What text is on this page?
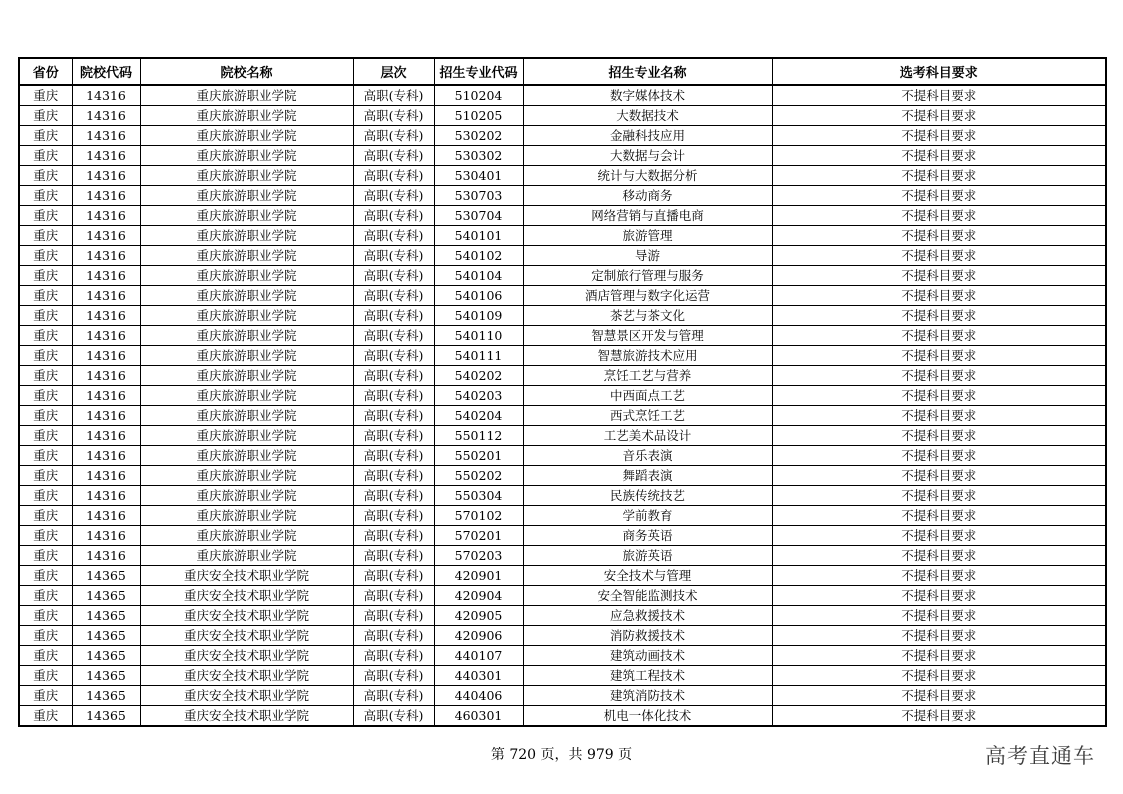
省份	院校代码	院校名称	层次	招生专业代码	招生专业名称	选考科目要求
重庆	14316	重庆旅游职业学院	高职(专科)	510204	数字媒体技术	不提科目要求
重庆	14316	重庆旅游职业学院	高职(专科)	510205	大数据技术	不提科目要求
重庆	14316	重庆旅游职业学院	高职(专科)	530202	金融科技应用	不提科目要求
重庆	14316	重庆旅游职业学院	高职(专科)	530302	大数据与会计	不提科目要求
重庆	14316	重庆旅游职业学院	高职(专科)	530401	统计与大数据分析	不提科目要求
重庆	14316	重庆旅游职业学院	高职(专科)	530703	移动商务	不提科目要求
重庆	14316	重庆旅游职业学院	高职(专科)	530704	网络营销与直播电商	不提科目要求
重庆	14316	重庆旅游职业学院	高职(专科)	540101	旅游管理	不提科目要求
重庆	14316	重庆旅游职业学院	高职(专科)	540102	导游	不提科目要求
重庆	14316	重庆旅游职业学院	高职(专科)	540104	定制旅行管理与服务	不提科目要求
重庆	14316	重庆旅游职业学院	高职(专科)	540106	酒店管理与数字化运营	不提科目要求
重庆	14316	重庆旅游职业学院	高职(专科)	540109	茶艺与茶文化	不提科目要求
重庆	14316	重庆旅游职业学院	高职(专科)	540110	智慧景区开发与管理	不提科目要求
重庆	14316	重庆旅游职业学院	高职(专科)	540111	智慧旅游技术应用	不提科目要求
重庆	14316	重庆旅游职业学院	高职(专科)	540202	烹饪工艺与营养	不提科目要求
重庆	14316	重庆旅游职业学院	高职(专科)	540203	中西面点工艺	不提科目要求
重庆	14316	重庆旅游职业学院	高职(专科)	540204	西式烹饪工艺	不提科目要求
重庆	14316	重庆旅游职业学院	高职(专科)	550112	工艺美术品设计	不提科目要求
重庆	14316	重庆旅游职业学院	高职(专科)	550201	音乐表演	不提科目要求
重庆	14316	重庆旅游职业学院	高职(专科)	550202	舞蹈表演	不提科目要求
重庆	14316	重庆旅游职业学院	高职(专科)	550304	民族传统技艺	不提科目要求
重庆	14316	重庆旅游职业学院	高职(专科)	570102	学前教育	不提科目要求
重庆	14316	重庆旅游职业学院	高职(专科)	570201	商务英语	不提科目要求
重庆	14316	重庆旅游职业学院	高职(专科)	570203	旅游英语	不提科目要求
重庆	14365	重庆安全技术职业学院	高职(专科)	420901	安全技术与管理	不提科目要求
重庆	14365	重庆安全技术职业学院	高职(专科)	420904	安全智能监测技术	不提科目要求
重庆	14365	重庆安全技术职业学院	高职(专科)	420905	应急救援技术	不提科目要求
重庆	14365	重庆安全技术职业学院	高职(专科)	420906	消防救援技术	不提科目要求
重庆	14365	重庆安全技术职业学院	高职(专科)	440107	建筑动画技术	不提科目要求
重庆	14365	重庆安全技术职业学院	高职(专科)	440301	建筑工程技术	不提科目要求
重庆	14365	重庆安全技术职业学院	高职(专科)	440406	建筑消防技术	不提科目要求
重庆	14365	重庆安全技术职业学院	高职(专科)	460301	机电一体化技术	不提科目要求
第 720 页，共 979 页	高考直通车
